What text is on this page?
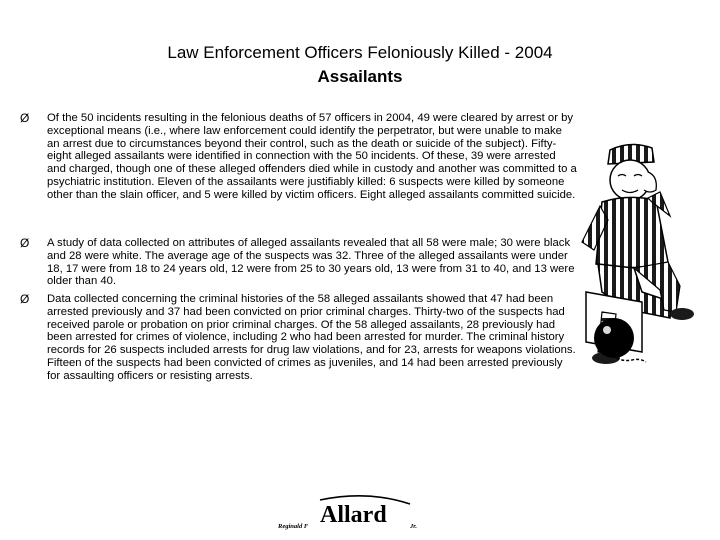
Law Enforcement Officers Feloniously Killed - 2004
Assailants
Ø	Of the 50 incidents resulting in the felonious deaths of 57 officers in 2004, 49 were cleared by arrest or by exceptional means (i.e., where law enforcement could identify the perpetrator, but were unable to make an arrest due to circumstances beyond their control, such as the death or suicide of the subject). Fifty-eight alleged assailants were identified in connection with the 50 incidents. Of these, 39 were arrested and charged, though one of these alleged offenders died while in custody and another was committed to a psychiatric institution. Eleven of the assailants were justifiably killed: 6 suspects were killed by someone other than the slain officer, and 5 were killed by victim officers. Eight alleged assailants committed suicide.

Ø	A study of data collected on attributes of alleged assailants revealed that all 58 were male; 30 were black and 28 were white. The average age of the suspects was 32. Three of the alleged assailants were under 18, 17 were from 18 to 24 years old, 12 were from 25 to 30 years old, 13 were from 31 to 40, and 13 were older than 40.

Ø	Data collected concerning the criminal histories of the 58 alleged assailants showed that 47 had been arrested previously and 37 had been convicted on prior criminal charges. Thirty-two of the suspects had received parole or probation on prior criminal charges. Of the 58 alleged assailants, 28 previously had been arrested for crimes of violence, including 2 who had been arrested for murder. The criminal history records for 26 suspects included arrests for drug law violations, and for 23, arrests for weapons violations. Fifteen of the suspects had been convicted of crimes as juveniles, and 14 had been arrested previously for assaulting officers or resisting arrests.

Reginald F Allard	Jr.
